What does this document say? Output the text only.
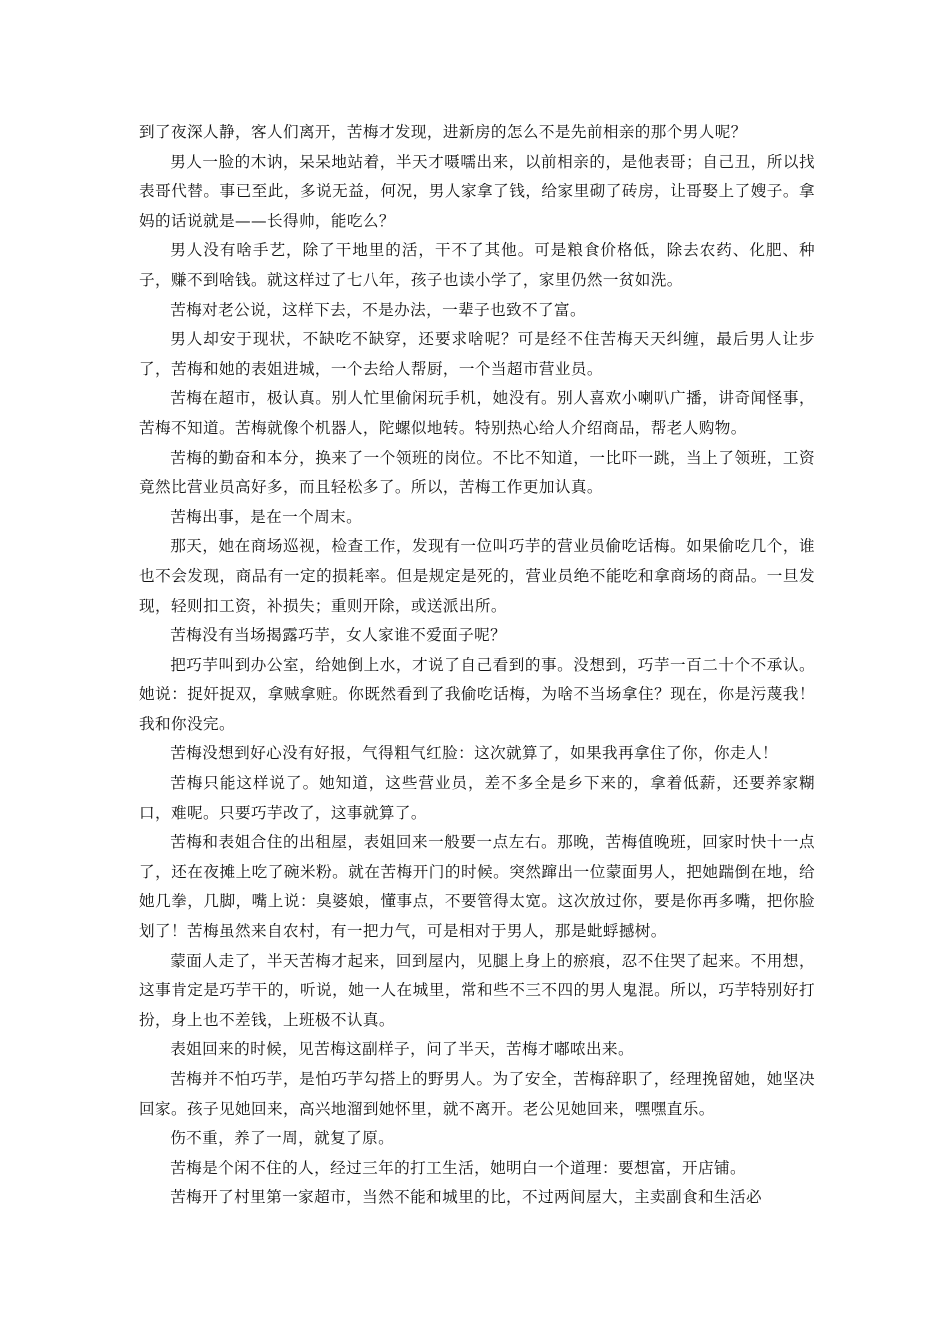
到了夜深人静，客人们离开，苦梅才发现，进新房的怎么不是先前相亲的那个男人呢？

男人一脸的木讷，呆呆地站着，半天才嗫嚅出来，以前相亲的，是他表哥；自己丑，所以找表哥代替。事已至此，多说无益，何况，男人家拿了钱，给家里砌了砖房，让哥娶上了嫂子。拿妈的话说就是——长得帅，能吃么？

男人没有啥手艺，除了干地里的活，干不了其他。可是粮食价格低，除去农药、化肥、种子，赚不到啥钱。就这样过了七八年，孩子也读小学了，家里仍然一贫如洗。

苦梅对老公说，这样下去，不是办法，一辈子也致不了富。

男人却安于现状，不缺吃不缺穿，还要求啥呢？可是经不住苦梅天天纠缠，最后男人让步了，苦梅和她的表姐进城，一个去给人帮厨，一个当超市营业员。

苦梅在超市，极认真。别人忙里偷闲玩手机，她没有。别人喜欢小喇叭广播，讲奇闻怪事，苦梅不知道。苦梅就像个机器人，陀螺似地转。特别热心给人介绍商品，帮老人购物。

苦梅的勤奋和本分，换来了一个领班的岗位。不比不知道，一比吓一跳，当上了领班，工资竟然比营业员高好多，而且轻松多了。所以，苦梅工作更加认真。

苦梅出事，是在一个周末。

那天，她在商场巡视，检查工作，发现有一位叫巧芋的营业员偷吃话梅。如果偷吃几个，谁也不会发现，商品有一定的损耗率。但是规定是死的，营业员绝不能吃和拿商场的商品。一旦发现，轻则扣工资，补损失；重则开除，或送派出所。

苦梅没有当场揭露巧芋，女人家谁不爱面子呢？

把巧芋叫到办公室，给她倒上水，才说了自己看到的事。没想到，巧芋一百二十个不承认。她说：捉奸捉双，拿贼拿赃。你既然看到了我偷吃话梅，为啥不当场拿住？现在，你是污蔑我！我和你没完。

苦梅没想到好心没有好报，气得粗气红脸：这次就算了，如果我再拿住了你，你走人！

苦梅只能这样说了。她知道，这些营业员，差不多全是乡下来的，拿着低薪，还要养家糊口，难呢。只要巧芋改了，这事就算了。

苦梅和表姐合住的出租屋，表姐回来一般要一点左右。那晚，苦梅值晚班，回家时快十一点了，还在夜摊上吃了碗米粉。就在苦梅开门的时候。突然蹿出一位蒙面男人，把她踹倒在地，给她几拳，几脚，嘴上说：臭婆娘，懂事点，不要管得太宽。这次放过你，要是你再多嘴，把你脸划了！苦梅虽然来自农村，有一把力气，可是相对于男人，那是蚍蜉撼树。

蒙面人走了，半天苦梅才起来，回到屋内，见腿上身上的瘀痕，忍不住哭了起来。不用想，这事肯定是巧芋干的，听说，她一人在城里，常和些不三不四的男人鬼混。所以，巧芋特别好打扮，身上也不差钱，上班极不认真。

表姐回来的时候，见苦梅这副样子，问了半天，苦梅才嘟哝出来。

苦梅并不怕巧芋，是怕巧芋勾搭上的野男人。为了安全，苦梅辞职了，经理挽留她，她坚决回家。孩子见她回来，高兴地溜到她怀里，就不离开。老公见她回来，嘿嘿直乐。

伤不重，养了一周，就复了原。

苦梅是个闲不住的人，经过三年的打工生活，她明白一个道理：要想富，开店铺。

苦梅开了村里第一家超市，当然不能和城里的比，不过两间屋大，主卖副食和生活必
